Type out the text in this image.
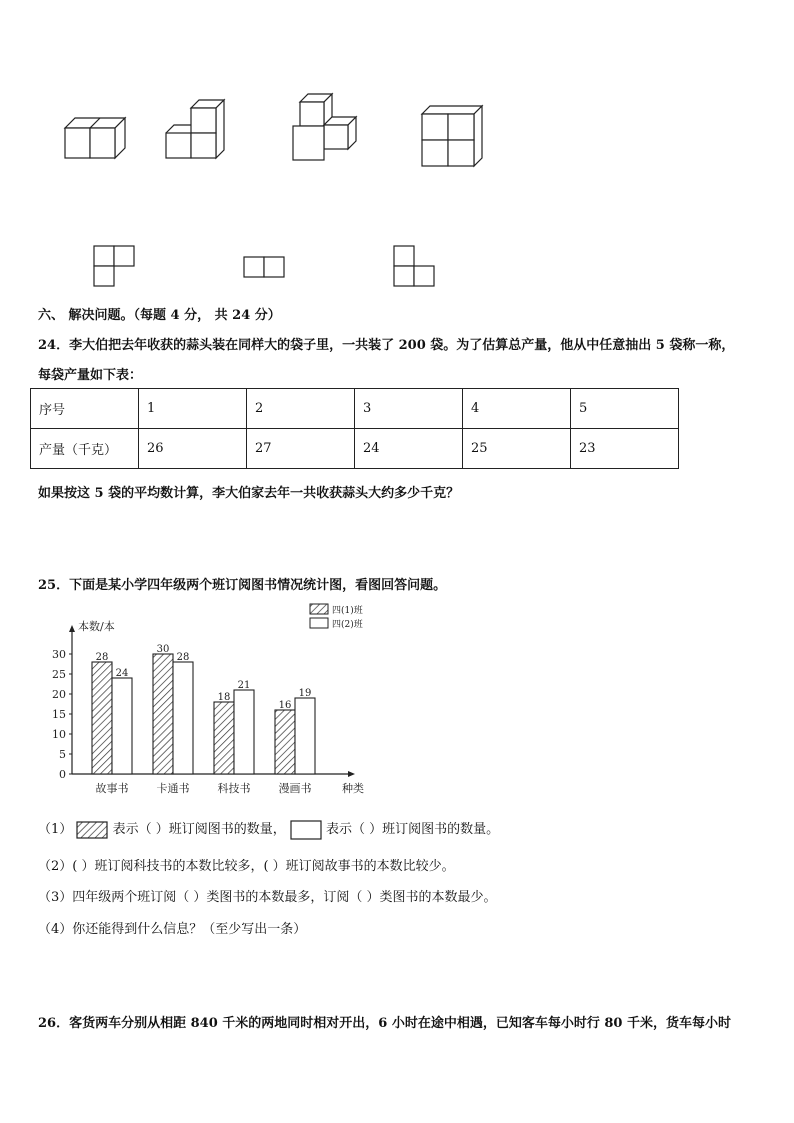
六、 解决问题。（每题 4 分， 共 24 分）
24．李大伯把去年收获的蒜头装在同样大的袋子里，一共装了 200 袋。为了估算总产量，他从中任意抽出 5 袋称一称，
每袋产量如下表：
序号	1	2	3	4	5
产量（千克）	26	27	24	25	23
如果按这 5 袋的平均数计算，李大伯家去年一共收获蒜头大约多少千克？
25．下面是某小学四年级两个班订阅图书情况统计图，看图回答问题。
本数/本
种类
0
5
10
15
20
25
30	28
24
故事书
30
28
卡通书
18
21
科技书
16
19
漫画书
四(1)班
四(2)班
（1）	表示（ ）班订阅图书的数量，	表示（ ）班订阅图书的数量。
（2）( ）班订阅科技书的本数比较多，( ）班订阅故事书的本数比较少。
（3）四年级两个班订阅（ ）类图书的本数最多，订阅（ ）类图书的本数最少。
（4）你还能得到什么信息？（至少写出一条）
26．客货两车分别从相距 840 千米的两地同时相对开出，6 小时在途中相遇，已知客车每小时行 80 千米，货车每小时
